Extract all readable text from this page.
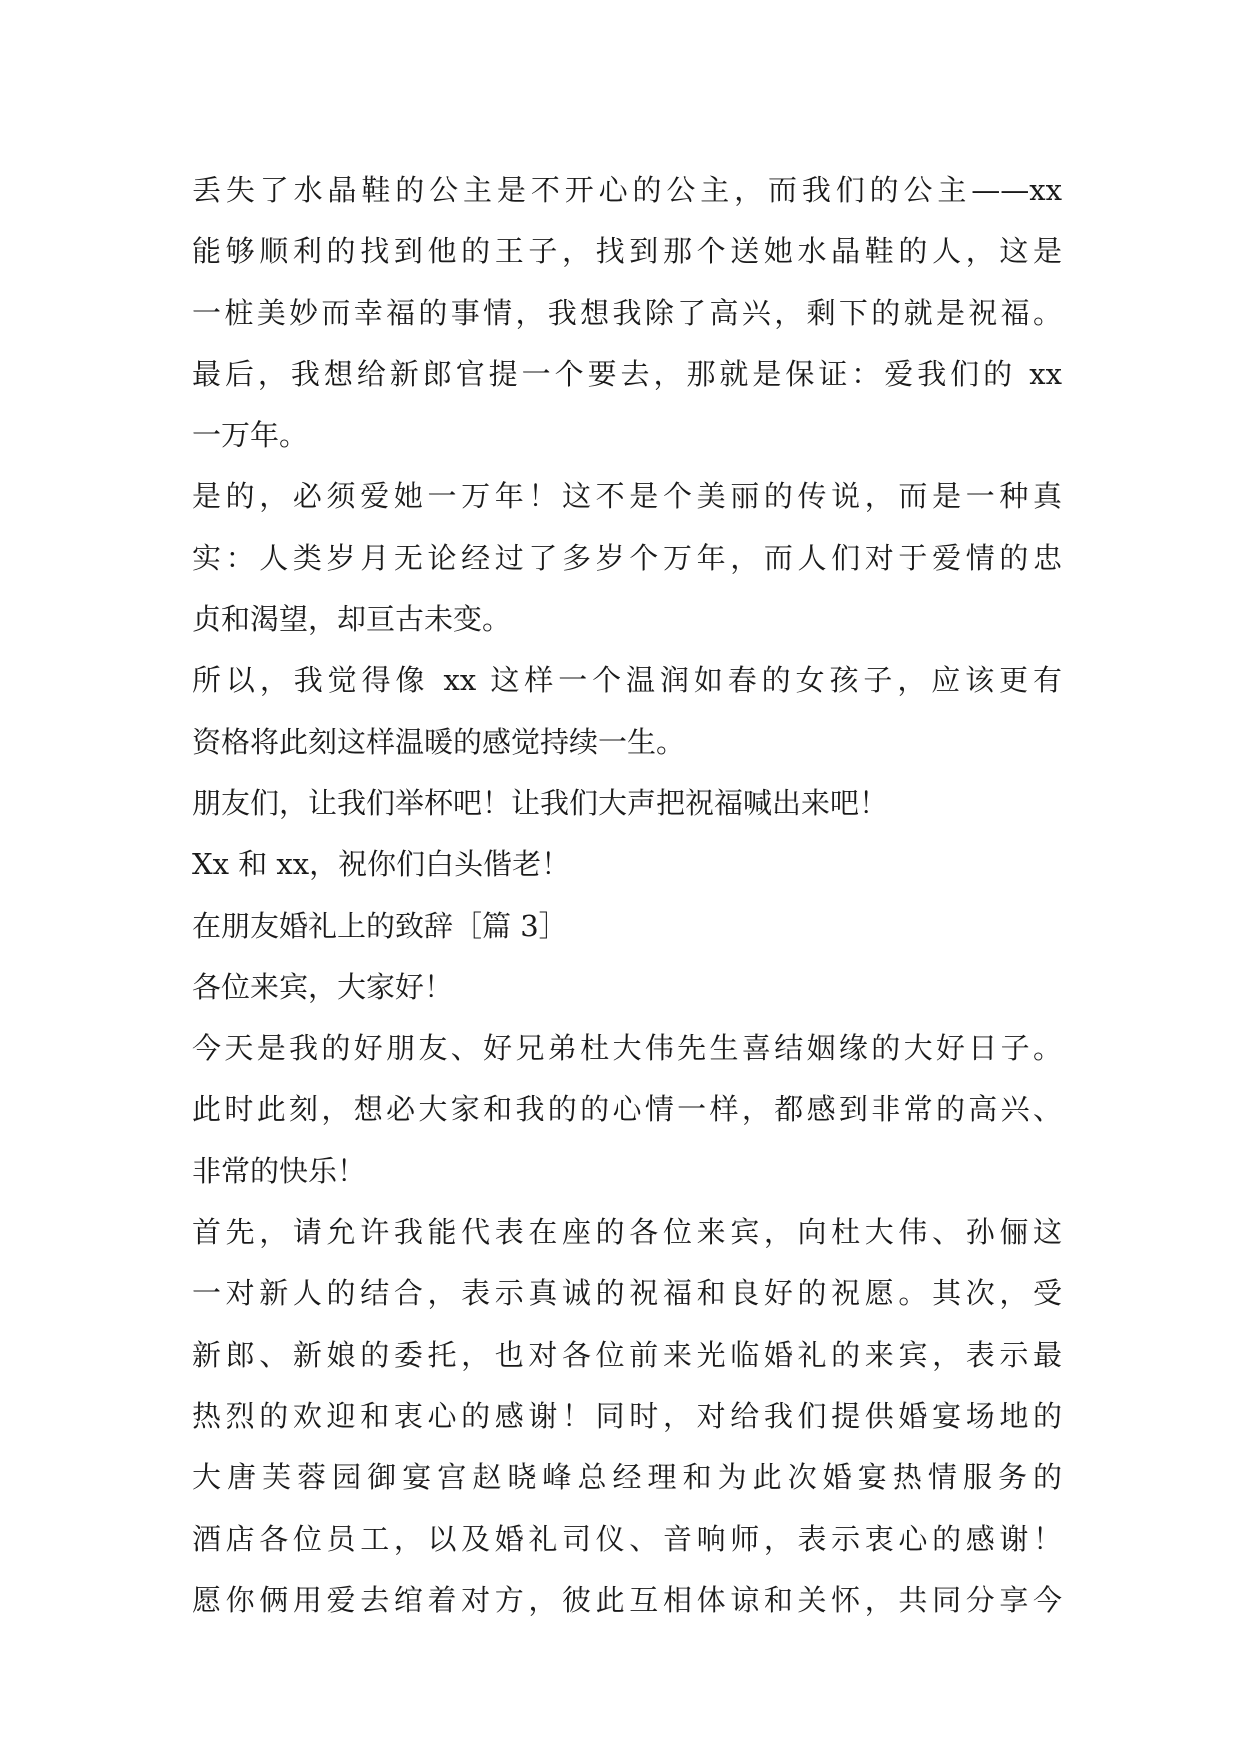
丢失了水晶鞋的公主是不开心的公主，而我们的公主——xx
能够顺利的找到他的王子，找到那个送她水晶鞋的人，这是
一桩美妙而幸福的事情，我想我除了高兴，剩下的就是祝福。
最后，我想给新郎官提一个要去，那就是保证：爱我们的 xx
一万年。
是的，必须爱她一万年！这不是个美丽的传说，而是一种真
实：人类岁月无论经过了多岁个万年，而人们对于爱情的忠
贞和渴望，却亘古未变。
所以，我觉得像 xx 这样一个温润如春的女孩子，应该更有
资格将此刻这样温暖的感觉持续一生。
朋友们，让我们举杯吧！让我们大声把祝福喊出来吧！
Xx 和 xx，祝你们白头偕老！
在朋友婚礼上的致辞［篇 3］
各位来宾，大家好！
今天是我的好朋友、好兄弟杜大伟先生喜结姻缘的大好日子。
此时此刻，想必大家和我的的心情一样，都感到非常的高兴、
非常的快乐！
首先，请允许我能代表在座的各位来宾，向杜大伟、孙俪这
一对新人的结合，表示真诚的祝福和良好的祝愿。其次，受
新郎、新娘的委托，也对各位前来光临婚礼的来宾，表示最
热烈的欢迎和衷心的感谢！同时，对给我们提供婚宴场地的
大唐芙蓉园御宴宫赵晓峰总经理和为此次婚宴热情服务的
酒店各位员工，以及婚礼司仪、音响师，表示衷心的感谢！
愿你俩用爱去绾着对方，彼此互相体谅和关怀，共同分享今
